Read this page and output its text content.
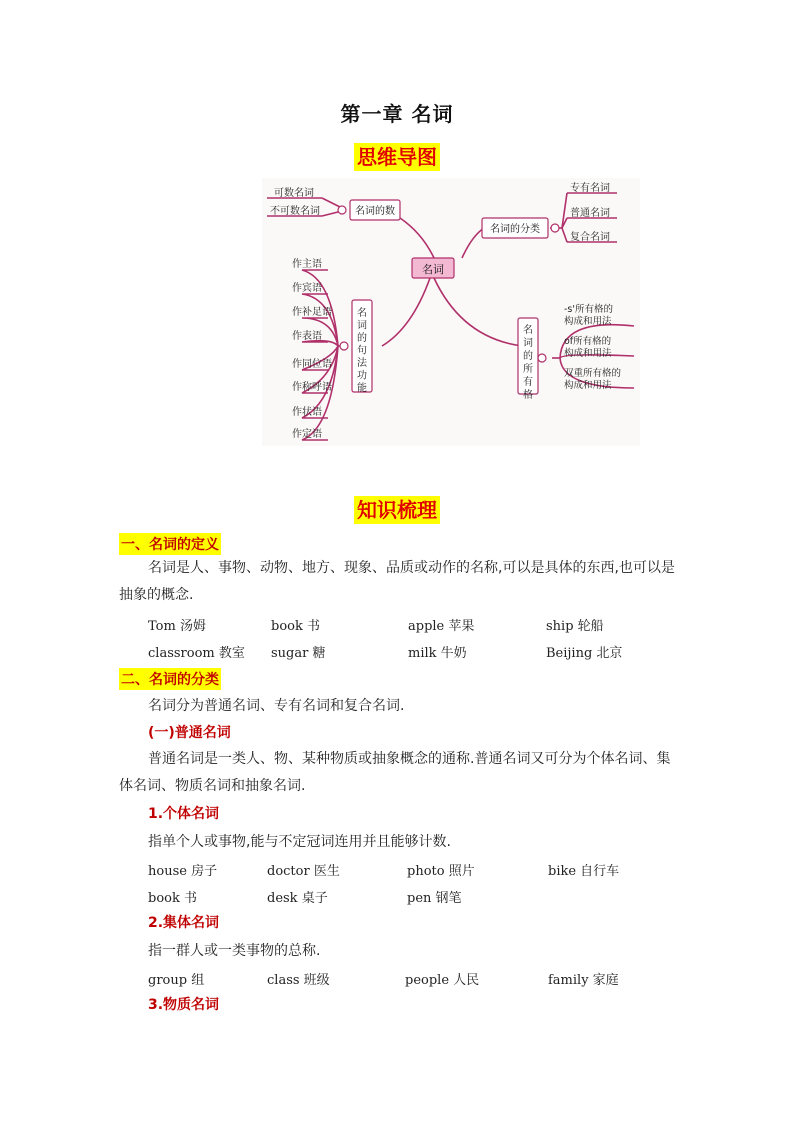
第一章 名词
思维导图
名词
名词的数
可数名词
不可数名词
名词的分类
专有名词
普通名词
复合名词
名
词
的
句
法
功
能
作主语
作宾语
作补足语
作表语
作同位语
作称呼语
作状语
作定语
名
词
的
所
有
格
-s'所有格的
构成和用法
of所有格的
构成和用法
双重所有格的
构成和用法
知识梳理
一、名词的定义
名词是人、事物、动物、地方、现象、品质或动作的名称,可以是具体的东西,也可以是抽象的概念.
Tom 汤姆	book 书	apple 苹果	ship 轮船
classroom 教室 sugar 糖	milk 牛奶	Beijing 北京
二、名词的分类
名词分为普通名词、专有名词和复合名词.
(一)普通名词
普通名词是一类人、物、某种物质或抽象概念的通称.普通名词又可分为个体名词、集体名词、物质名词和抽象名词.
1.个体名词
指单个人或事物,能与不定冠词连用并且能够计数.
house 房子	doctor 医生	photo 照片	bike 自行车
book 书	desk 桌子	pen 钢笔
2.集体名词
指一群人或一类事物的总称.
group 组	class 班级	people 人民	family 家庭
3.物质名词
